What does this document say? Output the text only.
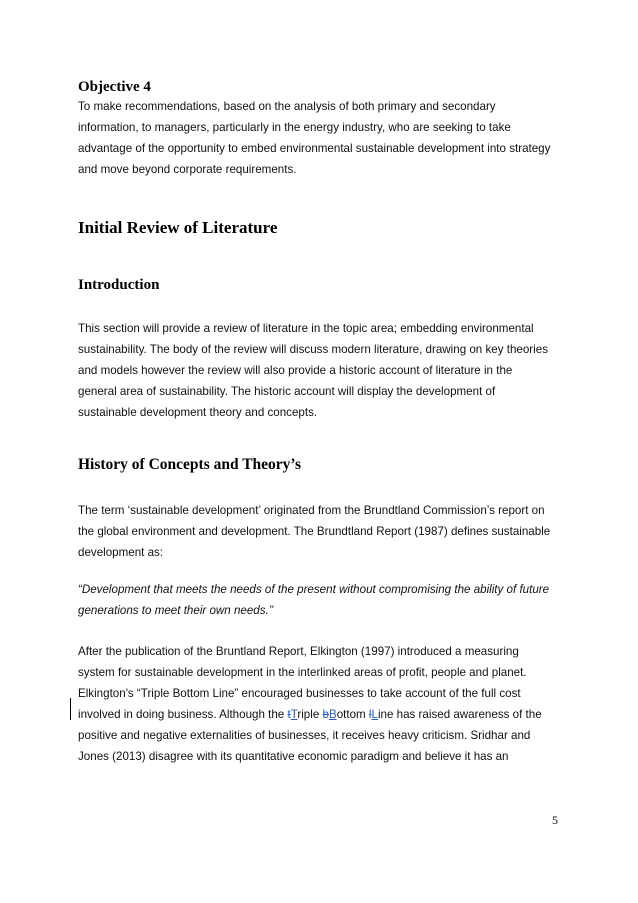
Objective 4

To make recommendations, based on the analysis of both primary and secondary
information, to managers, particularly in the energy industry, who are seeking to take
advantage of the opportunity to embed environmental sustainable development into strategy
and move beyond corporate requirements.

Initial Review of Literature
Introduction

This section will provide a review of literature in the topic area; embedding environmental
sustainability. The body of the review will discuss modern literature, drawing on key theories
and models however the review will also provide a historic account of literature in the
general area of sustainability. The historic account will display the development of
sustainable development theory and concepts.

History of Concepts and Theory’s

The term ‘sustainable development’ originated from the Brundtland Commission’s report on
the global environment and development. The Brundtland Report (1987) defines sustainable
development as:

“Development that meets the needs of the present without compromising the ability of future
generations to meet their own needs.’’

After the publication of the Bruntland Report, Elkington (1997) introduced a measuring
system for sustainable development in the interlinked areas of profit, people and planet.
Elkington's “Triple Bottom Line” encouraged businesses to take account of the full cost
involved in doing business. Although the tTriple bBottom lLine has raised awareness of the
positive and negative externalities of businesses, it receives heavy criticism. Sridhar and
Jones (2013) disagree with its quantitative economic paradigm and believe it has an

5
